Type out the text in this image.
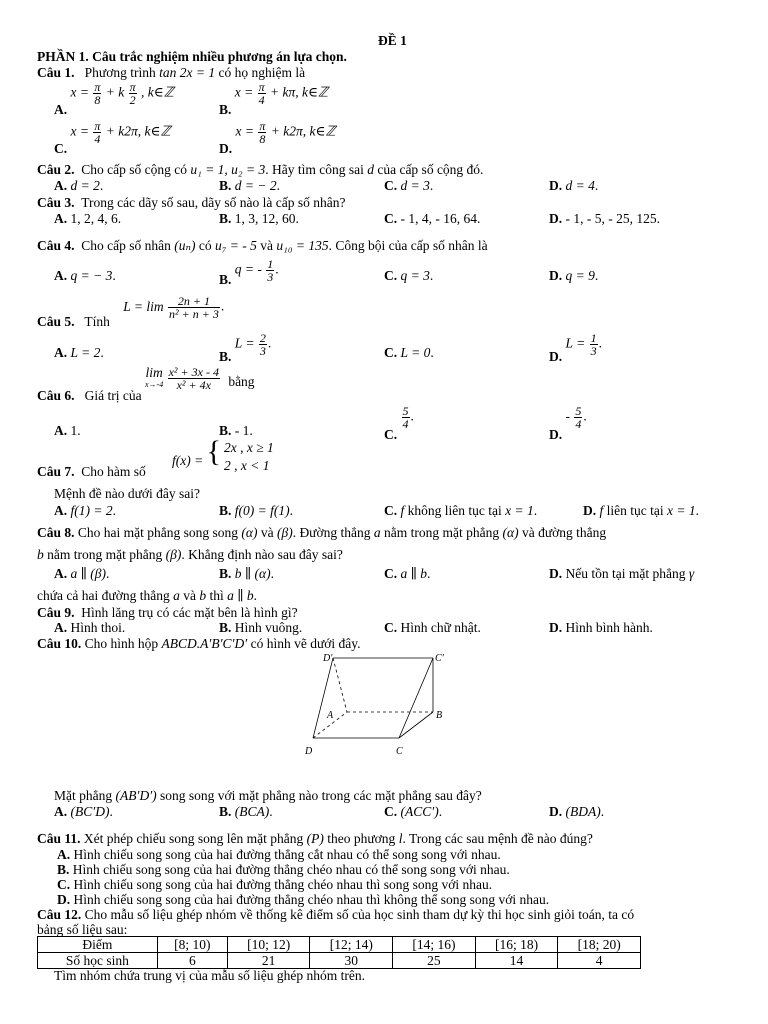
ĐỀ 1
PHẦN 1. Câu trắc nghiệm nhiều phương án lựa chọn.
Câu 1. Phương trình tan 2x = 1 có họ nghiệm là
A. $x = \frac{\pi}{8} + k \frac{\pi}{2}$ , k∈ℤ
B. $x = \frac{\pi}{4} + k\pi$, k∈ℤ
C. $x = \frac{\pi}{4} + k2\pi$, k∈ℤ
D. $x = \frac{\pi}{8} + k2\pi$, k∈ℤ
Câu 2. Cho cấp số cộng có u₁ = 1, u₂ = 3. Hãy tìm công sai d của cấp số cộng đó.
A. d = 2.	B. d = − 2.	C. d = 3.	D. d = 4.
Câu 3. Trong các dãy số sau, dãy số nào là cấp số nhân?
A. 1, 2, 4, 6.	B. 1, 3, 12, 60.	C. - 1, 4, - 16, 64.	D. - 1, - 5, - 25, 125.
Câu 4. Cho cấp số nhân (uₙ) có u₇ = - 5 và u₁₀ = 135. Công bội của cấp số nhân là
A. q = − 3.	B. q = - $\frac{1}{3}$ .	C. q = 3.	D. q = 9.
Câu 5. Tính $L = \lim \frac{2n + 1}{\text{n² + n + 3}}$ .
A. L = 2.	B. $L = \frac{2}{3}$ .
C. L = 0.	D. $L = \frac{1}{3}$ .
Câu 6. Giá trị của
lim
x→-4
$\frac{\text{x² + 3x - 4}}{\text{x² + 4x}}$ bằng
A. 1.	B. - 1.	C.
$\frac{5}{4}$ .
D. - $\frac{5}{4}$ .
Câu 7. Cho hàm số
f(x) = { 2x , x ≥ 1
2 , x < 1
Mệnh đề nào dưới đây sai?
A. f(1) = 2.	B. f(0) = f(1).	C. f không liên tục tại x = 1.	D. f liên tục tại x = 1.
Câu 8. Cho hai mặt phẳng song song (α) và (β). Đường thẳng a nằm trong mặt phẳng (α) và đường thẳng
b nằm trong mặt phẳng (β). Khẳng định nào sau đây sai?
A. a ∥ (β).	B. b ∥ (α).	C. a ∥ b.	D. Nếu tồn tại mặt phẳng γ
chứa cả hai đường thẳng a và b thì a ∥ b.
Câu 9. Hình lăng trụ có các mặt bên là hình gì?
A. Hình thoi.	B. Hình vuông.	C. Hình chữ nhật.	D. Hình bình hành.
Câu 10. Cho hình hộp ABCD.A′B′C′D′ có hình vẽ dưới đây.
D′	C′
A	B
D	C
Mặt phẳng (AB′D′) song song với mặt phẳng nào trong các mặt phẳng sau đây?
A. (BC′D).	B. (BCA).	C. (ACC′).	D. (BDA).
Câu 11. Xét phép chiếu song song lên mặt phẳng (P) theo phương l. Trong các sau mệnh đề nào đúng?
A. Hình chiếu song song của hai đường thẳng cắt nhau có thể song song với nhau.
B. Hình chiếu song song của hai đường thẳng chéo nhau có thể song song với nhau.
C. Hình chiếu song song của hai đường thẳng chéo nhau thì song song với nhau.
D. Hình chiếu song song của hai đường thẳng chéo nhau thì không thể song song với nhau.
Câu 12. Cho mẫu số liệu ghép nhóm về thống kê điểm số của học sinh tham dự kỳ thi học sinh giỏi toán, ta có
bảng số liệu sau:
Điểm	[8; 10)	[10; 12)	[12; 14)	[14; 16)	[16; 18)	[18; 20)
Số học sinh	6	21	30	25	14	4
Tìm nhóm chứa trung vị của mẫu số liệu ghép nhóm trên.
